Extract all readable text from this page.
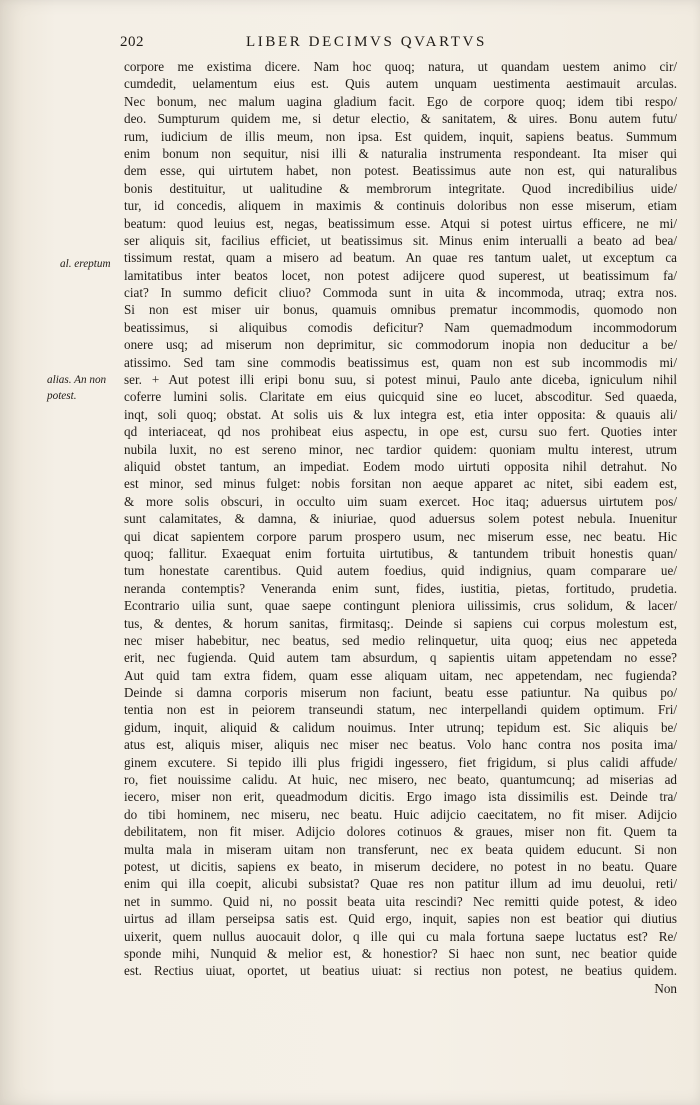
202	LIBER DECIMVS QVARTVS
al. ereptum
alias. An non
potest.
corpore me existima dicere. Nam hoc quoq; natura, ut quandam uestem animo cir/
cumdedit, uelamentum eius est. Quis autem unquam uestimenta aestimauit arculas.
Nec bonum, nec malum uagina gladium facit. Ego de corpore quoq; idem tibi respo/
deo. Sumpturum quidem me, si detur electio, & sanitatem, & uires. Bonu autem futu/
rum, iudicium de illis meum, non ipsa. Est quidem, inquit, sapiens beatus. Summum
enim bonum non sequitur, nisi illi & naturalia instrumenta respondeant. Ita miser qui
dem esse, qui uirtutem habet, non potest. Beatissimus aute non est, qui naturalibus
bonis destituitur, ut ualitudine & membrorum integritate. Quod incredibilius uide/
tur, id concedis, aliquem in maximis & continuis doloribus non esse miserum, etiam
beatum: quod leuius est, negas, beatissimum esse. Atqui si potest uirtus efficere, ne mi/
ser aliquis sit, facilius efficiet, ut beatissimus sit. Minus enim interualli a beato ad bea/
tissimum restat, quam a misero ad beatum. An quae res tantum ualet, ut exceptum ca
lamitatibus inter beatos locet, non potest adijcere quod superest, ut beatissimum fa/
ciat? In summo deficit cliuo? Commoda sunt in uita & incommoda, utraq; extra nos.
Si non est miser uir bonus, quamuis omnibus prematur incommodis, quomodo non
beatissimus, si aliquibus comodis deficitur? Nam quemadmodum incommodorum
onere usq; ad miserum non deprimitur, sic commodorum inopia non deducitur a be/
atissimo. Sed tam sine commodis beatissimus est, quam non est sub incommodis mi/
ser. + Aut potest illi eripi bonu suu, si potest minui, Paulo ante diceba, igniculum nihil
coferre lumini solis. Claritate em eius quicquid sine eo lucet, abscoditur. Sed quaeda,
inqt, soli quoq; obstat. At solis uis & lux integra est, etia inter opposita: & quauis ali/
qd interiaceat, qd nos prohibeat eius aspectu, in ope est, cursu suo fert. Quoties inter
nubila luxit, no est sereno minor, nec tardior quidem: quoniam multu interest, utrum
aliquid obstet tantum, an impediat. Eodem modo uirtuti opposita nihil detrahut. No
est minor, sed minus fulget: nobis forsitan non aeque apparet ac nitet, sibi eadem est,
& more solis obscuri, in occulto uim suam exercet. Hoc itaq; aduersus uirtutem pos/
sunt calamitates, & damna, & iniuriae, quod aduersus solem potest nebula. Inuenitur
qui dicat sapientem corpore parum prospero usum, nec miserum esse, nec beatu. Hic
quoq; fallitur. Exaequat enim fortuita uirtutibus, & tantundem tribuit honestis quan/
tum honestate carentibus. Quid autem foedius, quid indignius, quam comparare ue/
neranda contemptis? Veneranda enim sunt, fides, iustitia, pietas, fortitudo, prudetia.
Econtrario uilia sunt, quae saepe contingunt pleniora uilissimis, crus solidum, & lacer/
tus, & dentes, & horum sanitas, firmitasq;. Deinde si sapiens cui corpus molestum est,
nec miser habebitur, nec beatus, sed medio relinquetur, uita quoq; eius nec appeteda
erit, nec fugienda. Quid autem tam absurdum, q sapientis uitam appetendam no esse?
Aut quid tam extra fidem, quam esse aliquam uitam, nec appetendam, nec fugienda?
Deinde si damna corporis miserum non faciunt, beatu esse patiuntur. Na quibus po/
tentia non est in peiorem transeundi statum, nec interpellandi quidem optimum. Fri/
gidum, inquit, aliquid & calidum nouimus. Inter utrunq; tepidum est. Sic aliquis be/
atus est, aliquis miser, aliquis nec miser nec beatus. Volo hanc contra nos posita ima/
ginem excutere. Si tepido illi plus frigidi ingessero, fiet frigidum, si plus calidi affude/
ro, fiet nouissime calidu. At huic, nec misero, nec beato, quantumcunq; ad miserias ad
iecero, miser non erit, queadmodum dicitis. Ergo imago ista dissimilis est. Deinde tra/
do tibi hominem, nec miseru, nec beatu. Huic adijcio caecitatem, no fit miser. Adijcio
debilitatem, non fit miser. Adijcio dolores cotinuos & graues, miser non fit. Quem ta
multa mala in miseram uitam non transferunt, nec ex beata quidem educunt. Si non
potest, ut dicitis, sapiens ex beato, in miserum decidere, no potest in no beatu. Quare
enim qui illa coepit, alicubi subsistat? Quae res non patitur illum ad imu deuolui, reti/
net in summo. Quid ni, no possit beata uita rescindi? Nec remitti quide potest, & ideo
uirtus ad illam perseipsa satis est. Quid ergo, inquit, sapies non est beatior qui diutius
uixerit, quem nullus auocauit dolor, q ille qui cu mala fortuna saepe luctatus est? Re/
sponde mihi, Nunquid & melior est, & honestior? Si haec non sunt, nec beatior quide
est. Rectius uiuat, oportet, ut beatius uiuat: si rectius non potest, ne beatius quidem.
Non
